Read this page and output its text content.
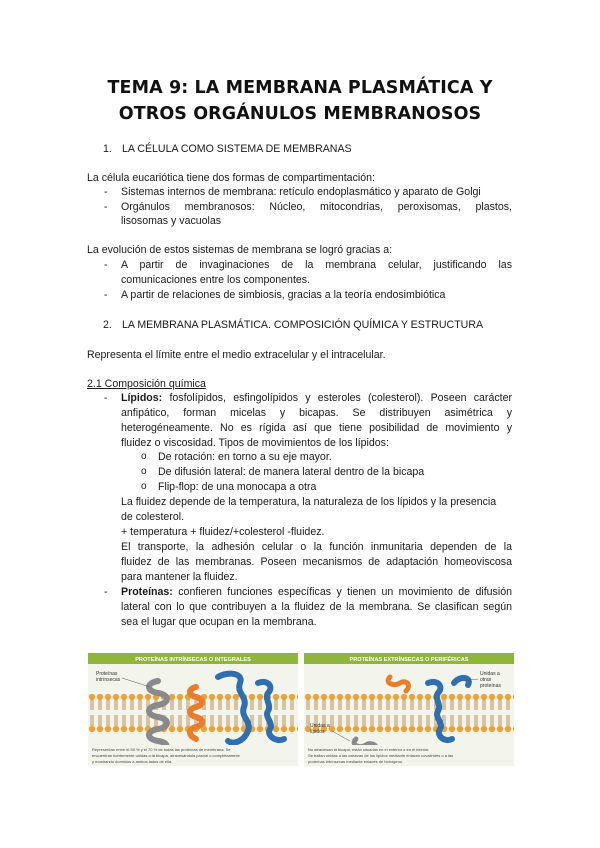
TEMA 9: LA MEMBRANA PLASMÁTICA Y
OTROS ORGÁNULOS MEMBRANOSOS
1. LA CÉLULA COMO SISTEMA DE MEMBRANAS
La célula eucariótica tiene dos formas de compartimentación:
- Sistemas internos de membrana: retículo endoplasmático y aparato de Golgi
- Orgánulos membranosos: Núcleo, mitocondrias, peroxisomas, plastos,
lisosomas y vacuolas
La evolución de estos sistemas de membrana se logró gracias a:
- A partir de invaginaciones de la membrana celular, justificando las
comunicaciones entre los componentes.
- A partir de relaciones de simbiosis, gracias a la teoría endosimbiótica
2. LA MEMBRANA PLASMÁTICA. COMPOSICIÓN QUÍMICA Y ESTRUCTURA
Representa el límite entre el medio extracelular y el intracelular.
2.1 Composición química
- Lípidos: fosfolípidos, esfingolípidos y esteroles (colesterol). Poseen carácter
anfipático, forman micelas y bicapas. Se distribuyen asimétrica y
heterogéneamente. No es rígida así que tiene posibilidad de movimiento y
fluidez o viscosidad. Tipos de movimientos de los lípidos:
o De rotación: en torno a su eje mayor.
o De difusión lateral: de manera lateral dentro de la bicapa
o Flip-flop: de una monocapa a otra
La fluidez depende de la temperatura, la naturaleza de los lípidos y la presencia
de colesterol.
+ temperatura + fluidez/+colesterol -fluidez.
El transporte, la adhesión celular o la función inmunitaria dependen de la
fluidez de las membranas. Poseen mecanismos de adaptación homeoviscosa
para mantener la fluidez.
- Proteínas: confieren funciones específicas y tienen un movimiento de difusión
lateral con lo que contribuyen a la fluidez de la membrana. Se clasifican según
sea el lugar que ocupan en la membrana.
PROTEÍNAS INTRÍNSECAS O INTEGRALES
Proteínas
intrínsecas
Representan entre el 50 % y el 70 % de todas las proteínas de membrana. Se
encuentran fuertemente unidas a la bicapa, atravesándola parcial o completamente
y mostrando dominios a ambos lados de ella.
PROTEÍNAS EXTRÍNSECAS O PERIFÉRICAS
Unidas a
otras
proteínas
Unidas a
lípidos
No atraviesan la bicapa, están situadas en el exterior o en el interior.
Se hallan unidas a las cabezas de los lípidos mediante enlaces covalentes o a las
proteínas intrínsecas mediante enlaces de hidrógeno.
